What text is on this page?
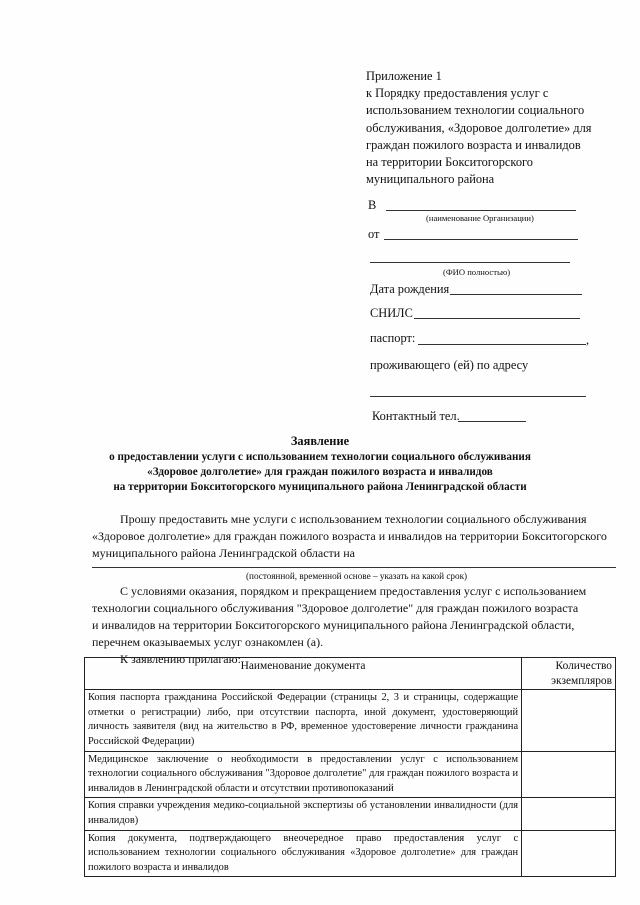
Приложение 1
к Порядку предоставления услуг с
использованием технологии социального
обслуживания, «Здоровое долголетие» для
граждан пожилого возраста и инвалидов
на территории Бокситогорского
муниципального района
В
(наименование Организации)
от
(ФИО полностью)
Дата рождения
СНИЛС
паспорт:	,
проживающего (ей) по адресу
Контактный тел.
Заявление
о предоставлении услуги с использованием технологии социального обслуживания
«Здоровое долголетие» для граждан пожилого возраста и инвалидов
на территории Бокситогорского муниципального района Ленинградской области
Прошу предоставить мне услуги с использованием технологии социального обслуживания
«Здоровое долголетие» для граждан пожилого возраста и инвалидов на территории Бокситогорского
муниципального района Ленинградской области на
(постоянной, временной основе – указать на какой срок)
С условиями оказания, порядком и прекращением предоставления услуг с использованием
технологии социального обслуживания "Здоровое долголетие" для граждан пожилого возраста
и инвалидов на территории Бокситогорского муниципального района Ленинградской области,
перечнем оказываемых услуг ознакомлен (а).
К заявлению прилагаю: Наименование документа	Количество
экземпляров

Копия паспорта гражданина Российской Федерации (страницы 2, 3 и страницы, содержащие отметки о регистрации) либо, при отсутствии паспорта, иной документ, удостоверяющий личность заявителя (вид на жительство в РФ, временное удостоверение личности гражданина Российской Федерации)	
Медицинское заключение о необходимости в предоставлении услуг с использованием технологии социального обслуживания "Здоровое долголетие" для граждан пожилого возраста и инвалидов в Ленинградской области и отсутствии противопоказаний	
Копия справки учреждения медико-социальной экспертизы об установлении инвалидности (для инвалидов)	
Копия документа, подтверждающего внеочередное право предоставления услуг с использованием технологии социального обслуживания «Здоровое долголетие» для граждан пожилого возраста и инвалидов	
